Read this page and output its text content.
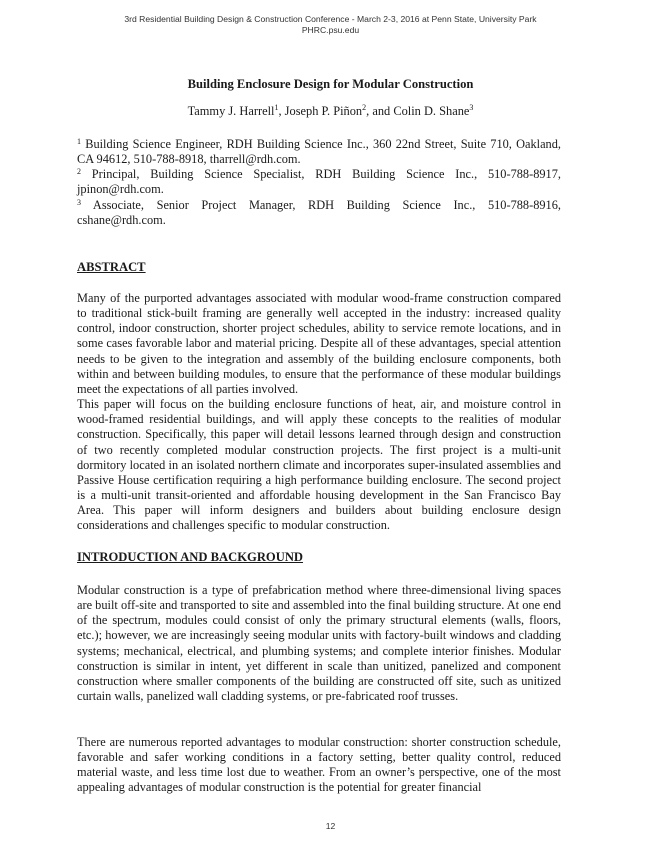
3rd Residential Building Design & Construction Conference - March 2-3, 2016 at Penn State, University Park
PHRC.psu.edu
Building Enclosure Design for Modular Construction
Tammy J. Harrell$^1$, Joseph P. Piñon$^2$, and Colin D. Shane$^3$

$^1$ Building Science Engineer, RDH Building Science Inc., 360 22nd Street, Suite 710, Oakland, CA 94612, 510-788-8918, tharrell@rdh.com.

$^2$ Principal, Building Science Specialist, RDH Building Science Inc., 510-788-8917, jpinon@rdh.com.

$^3$ Associate, Senior Project Manager, RDH Building Science Inc., 510-788-8916, cshane@rdh.com.

ABSTRACT

Many of the purported advantages associated with modular wood-frame construction compared to traditional stick-built framing are generally well accepted in the industry: increased quality control, indoor construction, shorter project schedules, ability to service remote locations, and in some cases favorable labor and material pricing. Despite all of these advantages, special attention needs to be given to the integration and assembly of the building enclosure components, both within and between building modules, to ensure that the performance of these modular buildings meet the expectations of all parties involved.

This paper will focus on the building enclosure functions of heat, air, and moisture control in wood-framed residential buildings, and will apply these concepts to the realities of modular construction. Specifically, this paper will detail lessons learned through design and construction of two recently completed modular construction projects. The first project is a multi-unit dormitory located in an isolated northern climate and incorporates super-insulated assemblies and Passive House certification requiring a high performance building enclosure. The second project is a multi-unit transit-oriented and affordable housing development in the San Francisco Bay Area. This paper will inform designers and builders about building enclosure design considerations and challenges specific to modular construction.

INTRODUCTION AND BACKGROUND
Modular construction is a type of prefabrication method where three-dimensional living spaces are built off-site and transported to site and assembled into the final building structure. At one end of the spectrum, modules could consist of only the primary structural elements (walls, floors, etc.); however, we are increasingly seeing modular units with factory-built windows and cladding systems; mechanical, electrical, and plumbing systems; and complete interior finishes. Modular construction is similar in intent, yet different in scale than unitized, panelized and component construction where smaller components of the building are constructed off site, such as unitized curtain walls, panelized wall cladding systems, or pre-fabricated roof trusses.
There are numerous reported advantages to modular construction: shorter construction schedule, favorable and safer working conditions in a factory setting, better quality control, reduced material waste, and less time lost due to weather. From an owner’s perspective, one of the most appealing advantages of modular construction is the potential for greater financial
12
